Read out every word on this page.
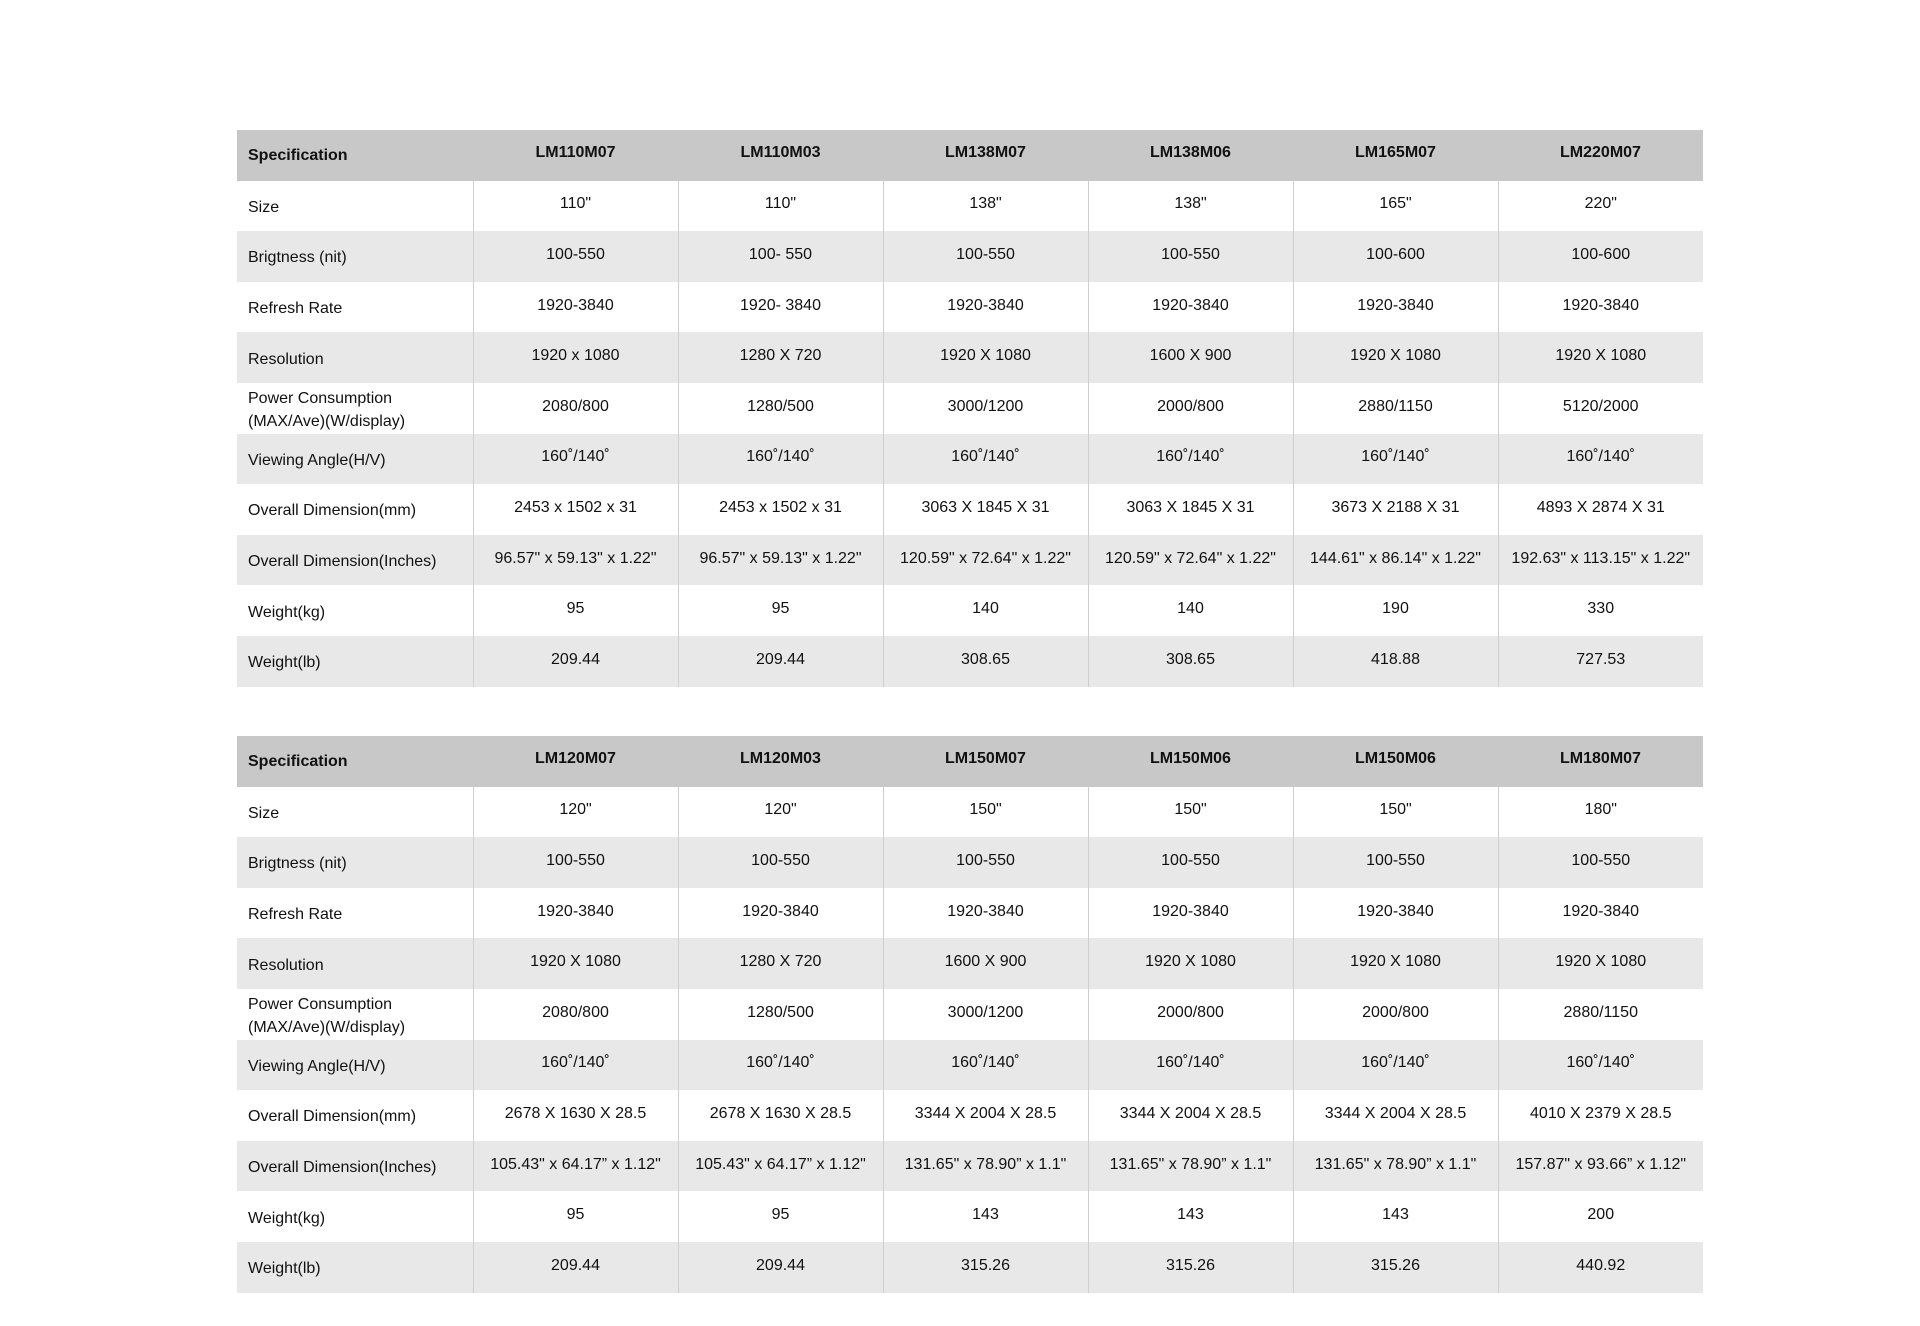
Specification	LM110M07	LM110M03	LM138M07	LM138M06	LM165M07	LM220M07
Size	110"	110"	138"	138"	165"	220"
Brigtness (nit)	100-550	100- 550	100-550	100-550	100-600	100-600
Refresh Rate	1920-3840	1920- 3840	1920-3840	1920-3840	1920-3840	1920-3840
Resolution	1920 x 1080	1280 X 720	1920 X 1080	1600 X 900	1920 X 1080	1920 X 1080
Power Consumption (MAX/Ave)(W/display)	2080/800	1280/500	3000/1200	2000/800	2880/1150	5120/2000
Viewing Angle(H/V)	160˚/140˚	160˚/140˚	160˚/140˚	160˚/140˚	160˚/140˚	160˚/140˚
Overall Dimension(mm)	2453 x 1502 x 31	2453 x 1502 x 31	3063 X 1845 X 31	3063 X 1845 X 31	3673 X 2188 X 31	4893 X 2874 X 31
Overall Dimension(Inches)	96.57" x 59.13" x 1.22"	96.57" x 59.13" x 1.22"	120.59" x 72.64" x 1.22"	120.59" x 72.64" x 1.22"	144.61" x 86.14" x 1.22"	192.63" x 113.15" x 1.22"
Weight(kg)	95	95	140	140	190	330
Weight(lb)	209.44	209.44	308.65	308.65	418.88	727.53
Specification	LM120M07	LM120M03	LM150M07	LM150M06	LM150M06	LM180M07
Size	120"	120"	150"	150"	150"	180"
Brigtness (nit)	100-550	100-550	100-550	100-550	100-550	100-550
Refresh Rate	1920-3840	1920-3840	1920-3840	1920-3840	1920-3840	1920-3840
Resolution	1920 X 1080	1280 X 720	1600 X 900	1920 X 1080	1920 X 1080	1920 X 1080
Power Consumption (MAX/Ave)(W/display)	2080/800	1280/500	3000/1200	2000/800	2000/800	2880/1150
Viewing Angle(H/V)	160˚/140˚	160˚/140˚	160˚/140˚	160˚/140˚	160˚/140˚	160˚/140˚
Overall Dimension(mm)	2678 X 1630 X 28.5	2678 X 1630 X 28.5	3344 X 2004 X 28.5	3344 X 2004 X 28.5	3344 X 2004 X 28.5	4010 X 2379 X 28.5
Overall Dimension(Inches)	105.43" x 64.17” x 1.12"	105.43" x 64.17” x 1.12"	131.65" x 78.90” x 1.1"	131.65" x 78.90” x 1.1"	131.65" x 78.90” x 1.1"	157.87" x 93.66” x 1.12"
Weight(kg)	95	95	143	143	143	200
Weight(lb)	209.44	209.44	315.26	315.26	315.26	440.92
